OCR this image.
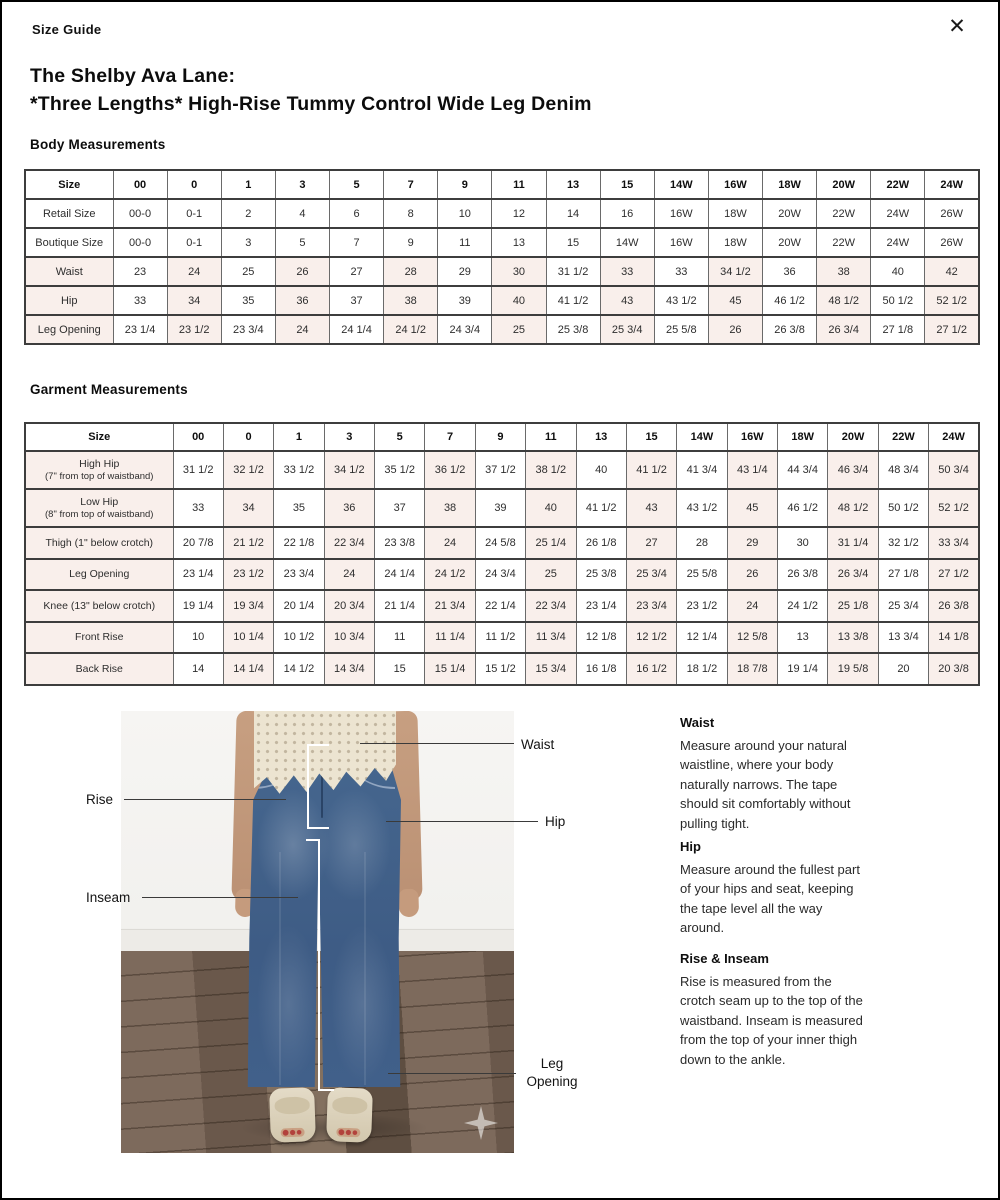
Size Guide	✕
The Shelby Ava Lane:
*Three Lengths* High-Rise Tummy Control Wide Leg Denim
Body Measurements
Size	00	0	1	3	5	7	9	11	13	15	14W	16W	18W	20W	22W	24W

Retail Size	00-0	0-1	2	4	6	8	10	12	14	16	16W	18W	20W	22W	24W	26W

Boutique Size	00-0	0-1	3	5	7	9	11	13	15	14W	16W	18W	20W	22W	24W	26W

Waist	23	24	25	26	27	28	29	30	31 1/2	33	33	34 1/2	36	38	40	42

Hip	33	34	35	36	37	38	39	40	41 1/2	43	43 1/2	45	46 1/2	48 1/2	50 1/2	52 1/2

Leg Opening	23 1/4	23 1/2	23 3/4	24	24 1/4	24 1/2	24 3/4	25	25 3/8	25 3/4	25 5/8	26	26 3/8	26 3/4	27 1/8	27 1/2
Garment Measurements
Size	00	0	1	3	5	7	9	11	13	15	14W	16W	18W	20W	22W	24W

High Hip
(7" from top of waistband)	31 1/2	32 1/2	33 1/2	34 1/2	35 1/2	36 1/2	37 1/2	38 1/2	40	41 1/2	41 3/4	43 1/4	44 3/4	46 3/4	48 3/4	50 3/4

Low Hip
(8" from top of waistband)	33	34	35	36	37	38	39	40	41 1/2	43	43 1/2	45	46 1/2	48 1/2	50 1/2	52 1/2

Thigh (1" below crotch)	20 7/8	21 1/2	22 1/8	22 3/4	23 3/8	24	24 5/8	25 1/4	26 1/8	27	28	29	30	31 1/4	32 1/2	33 3/4

Leg Opening	23 1/4	23 1/2	23 3/4	24	24 1/4	24 1/2	24 3/4	25	25 3/8	25 3/4	25 5/8	26	26 3/8	26 3/4	27 1/8	27 1/2

Knee (13" below crotch)	19 1/4	19 3/4	20 1/4	20 3/4	21 1/4	21 3/4	22 1/4	22 3/4	23 1/4	23 3/4	23 1/2	24	24 1/2	25 1/8	25 3/4	26 3/8

Front Rise	10	10 1/4	10 1/2	10 3/4	11	11 1/4	11 1/2	11 3/4	12 1/8	12 1/2	12 1/4	12 5/8	13	13 3/8	13 3/4	14 1/8

Back Rise	14	14 1/4	14 1/2	14 3/4	15	15 1/4	15 1/2	15 3/4	16 1/8	16 1/2	18 1/2	18 7/8	19 1/4	19 5/8	20	20 3/8
Waist
Rise
Hip
Inseam
Leg Opening
Waist
Measure around your natural waistline, where your body naturally narrows. The tape should sit comfortably without pulling tight.
Hip
Measure around the fullest part of your hips and seat, keeping the tape level all the way around.
Rise & Inseam
Rise is measured from the crotch seam up to the top of the waistband. Inseam is measured from the top of your inner thigh down to the ankle.
